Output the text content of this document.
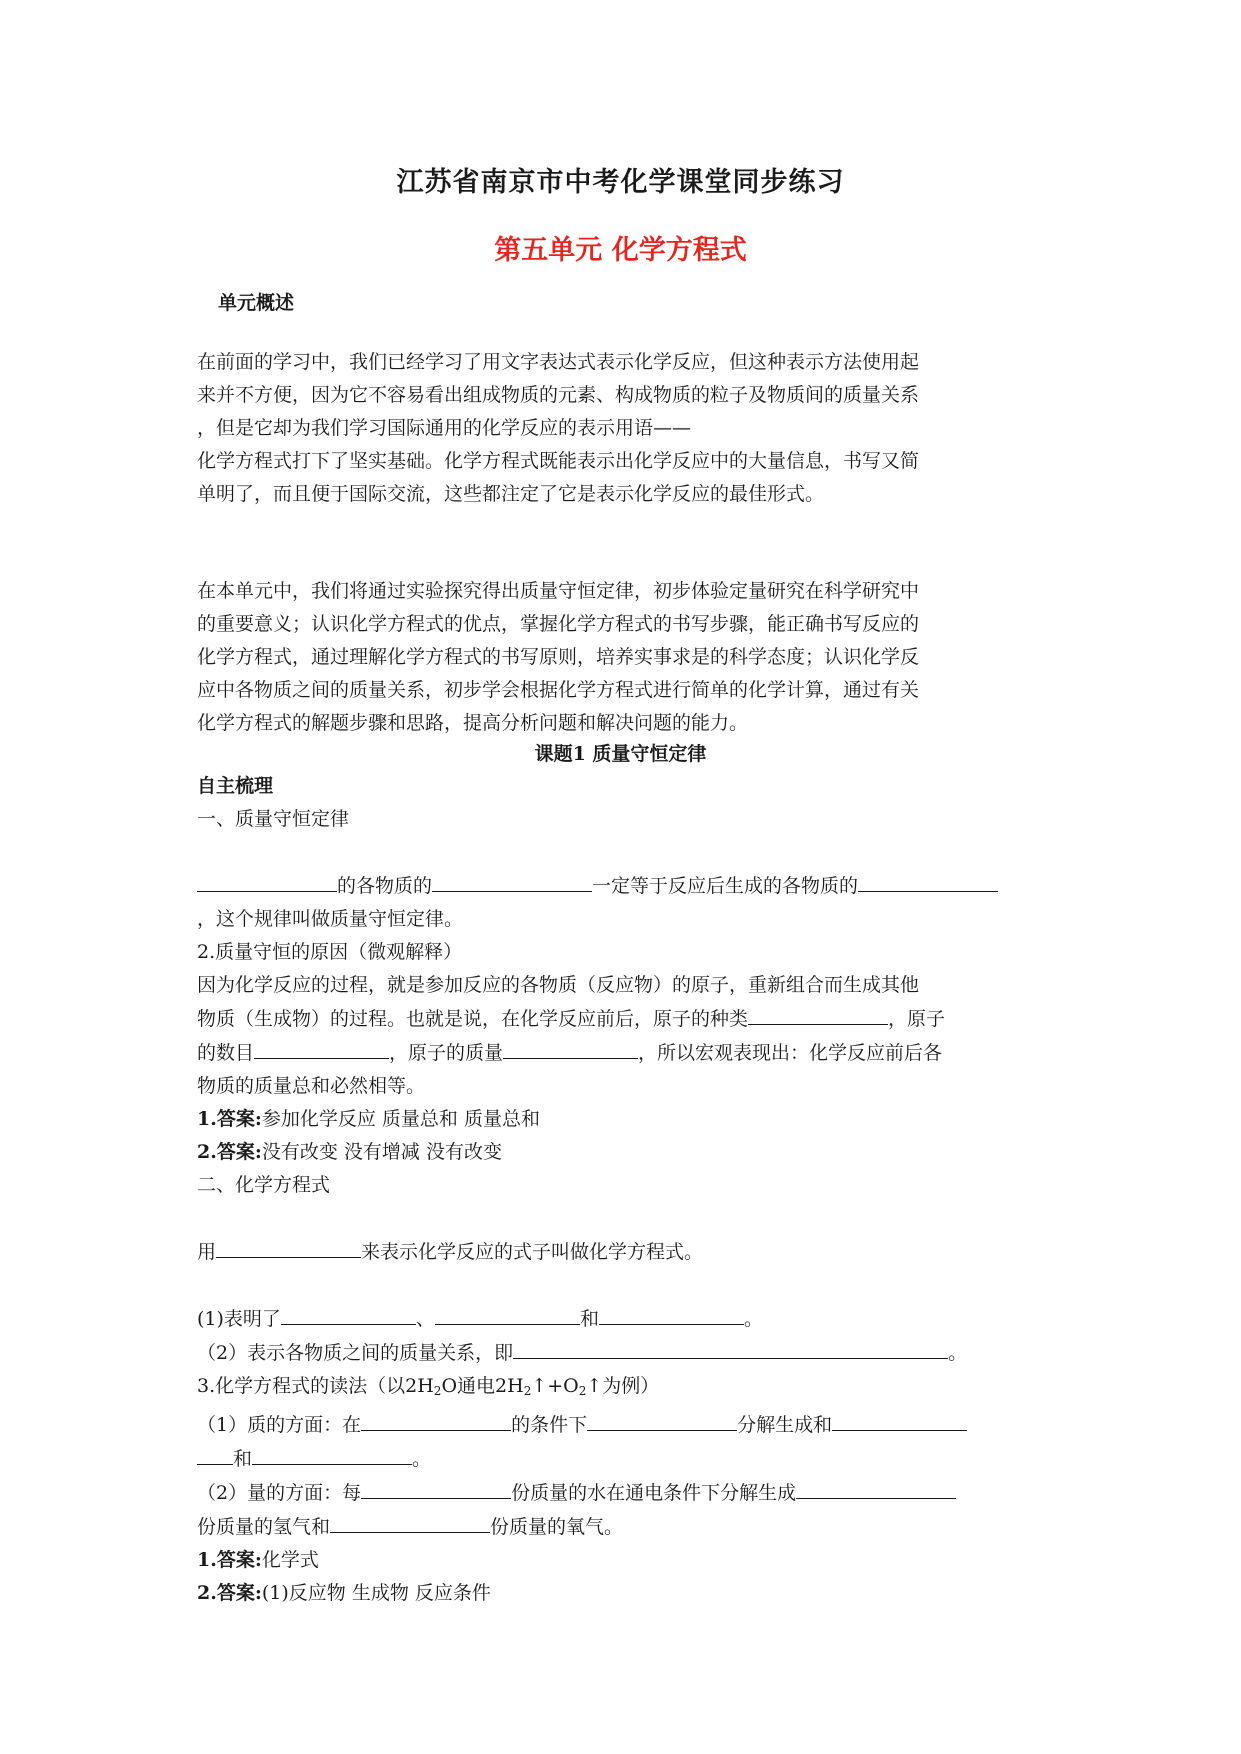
江苏省南京市中考化学课堂同步练习
第五单元 化学方程式
单元概述
在前面的学习中，我们已经学习了用文字表达式表示化学反应，但这种表示方法使用起
来并不方便，因为它不容易看出组成物质的元素、构成物质的粒子及物质间的质量关系
，但是它却为我们学习国际通用的化学反应的表示用语——
化学方程式打下了坚实基础。化学方程式既能表示出化学反应中的大量信息，书写又简
单明了，而且便于国际交流，这些都注定了它是表示化学反应的最佳形式。
在本单元中，我们将通过实验探究得出质量守恒定律，初步体验定量研究在科学研究中
的重要意义；认识化学方程式的优点，掌握化学方程式的书写步骤，能正确书写反应的
化学方程式，通过理解化学方程式的书写原则，培养实事求是的科学态度；认识化学反
应中各物质之间的质量关系，初步学会根据化学方程式进行简单的化学计算，通过有关
化学方程式的解题步骤和思路，提高分析问题和解决问题的能力。
课题1 质量守恒定律
自主梳理
一、质量守恒定律
的各物质的	一定等于反应后生成的各物质的
，这个规律叫做质量守恒定律。
2.质量守恒的原因（微观解释）
因为化学反应的过程，就是参加反应的各物质（反应物）的原子，重新组合而生成其他
物质（生成物）的过程。也就是说，在化学反应前后，原子的种类	，原子
的数目	，原子的质量	，所以宏观表现出：化学反应前后各
物质的质量总和必然相等。
1.答案:参加化学反应 质量总和 质量总和
2.答案:没有改变 没有增减 没有改变
二、化学方程式
用	来表示化学反应的式子叫做化学方程式。
(1)表明了	、	和	。
（2）表示各物质之间的质量关系，即	。
3.化学方程式的读法（以$2H_2O$通电$2H_2↑+O_2↑$为例）
（1）质的方面：在	的条件下	分解生成和
和	。
（2）量的方面：每	份质量的水在通电条件下分解生成
份质量的氢气和	份质量的氧气。
1.答案:化学式
2.答案:(1)反应物 生成物 反应条件
